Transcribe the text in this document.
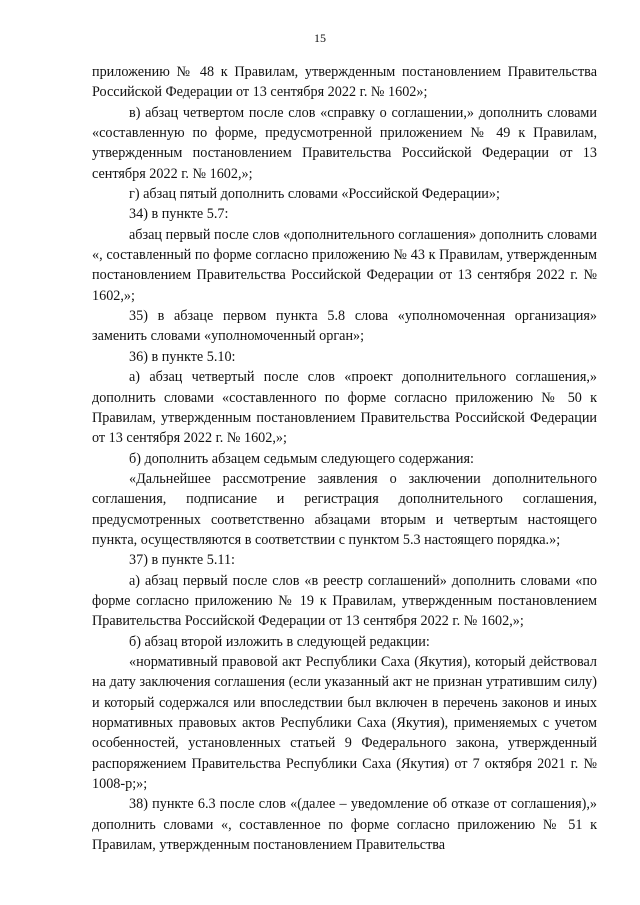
15

приложению № 48 к Правилам, утвержденным постановлением Правительства Российской Федерации от 13 сентября 2022 г. № 1602»;

в) абзац четвертом после слов «справку о соглашении,» дополнить словами «составленную по форме, предусмотренной приложением № 49 к Правилам, утвержденным постановлением Правительства Российской Федерации от 13 сентября 2022 г. № 1602,»;

г) абзац пятый дополнить словами «Российской Федерации»;

34) в пункте 5.7:

абзац первый после слов «дополнительного соглашения» дополнить словами «, составленный по форме согласно приложению № 43 к Правилам, утвержденным постановлением Правительства Российской Федерации от 13 сентября 2022 г. № 1602,»;

35) в абзаце первом пункта 5.8 слова «уполномоченная организация» заменить словами «уполномоченный орган»;

36) в пункте 5.10:

а) абзац четвертый после слов «проект дополнительного соглашения,» дополнить словами «составленного по форме согласно приложению № 50 к Правилам, утвержденным постановлением Правительства Российской Федерации от 13 сентября 2022 г. № 1602,»;

б) дополнить абзацем седьмым следующего содержания:

«Дальнейшее рассмотрение заявления о заключении дополнительного соглашения, подписание и регистрация дополнительного соглашения, предусмотренных соответственно абзацами вторым и четвертым настоящего пункта, осуществляются в соответствии с пунктом 5.3 настоящего порядка.»;

37) в пункте 5.11:

а) абзац первый после слов «в реестр соглашений» дополнить словами «по форме согласно приложению № 19 к Правилам, утвержденным постановлением Правительства Российской Федерации от 13 сентября 2022 г. № 1602,»;

б) абзац второй изложить в следующей редакции:

«нормативный правовой акт Республики Саха (Якутия), который действовал на дату заключения соглашения (если указанный акт не признан утратившим силу) и который содержался или впоследствии был включен в перечень законов и иных нормативных правовых актов Республики Саха (Якутия), применяемых с учетом особенностей, установленных статьей 9 Федерального закона, утвержденный распоряжением Правительства Республики Саха (Якутия) от 7 октября 2021 г. № 1008-р;»;

38) пункте 6.3 после слов «(далее – уведомление об отказе от соглашения),» дополнить словами «, составленное по форме согласно приложению № 51 к Правилам, утвержденным постановлением Правительства
